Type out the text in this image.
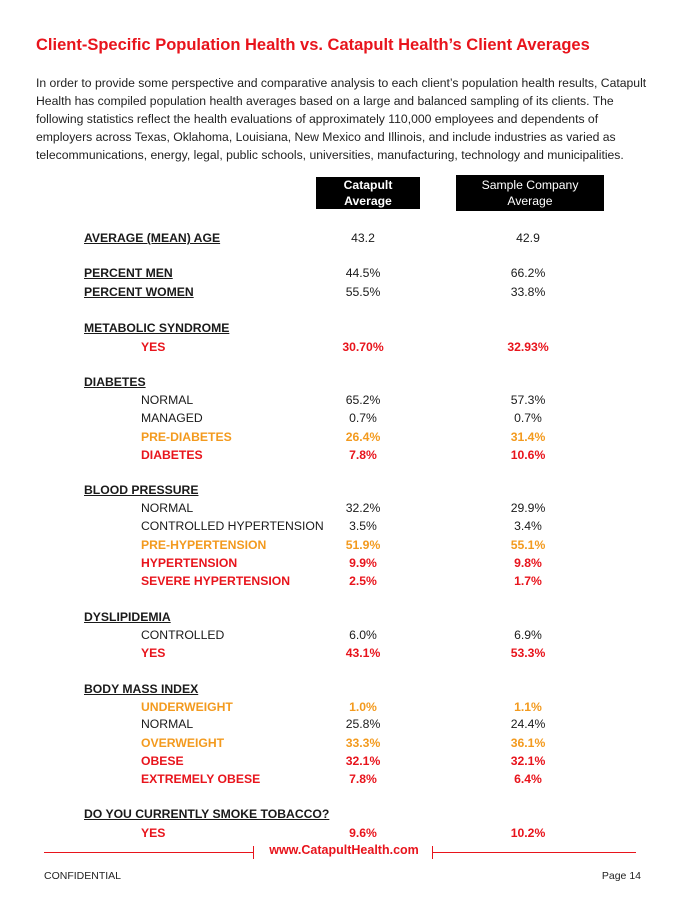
Client-Specific Population Health vs. Catapult Health’s Client Averages
In order to provide some perspective and comparative analysis to each client’s population health results, Catapult Health has compiled population health averages based on a large and balanced sampling of its clients. The following statistics reflect the health evaluations of approximately 110,000 employees and dependents of employers across Texas, Oklahoma, Louisiana, New Mexico and Illinois, and include industries as varied as telecommunications, energy, legal, public schools, universities, manufacturing, technology and municipalities.
Catapult Average
Sample Company Average
AVERAGE (MEAN) AGE	43.2	42.9
PERCENT MEN	44.5%	66.2%
PERCENT WOMEN	55.5%	33.8%
METABOLIC SYNDROME
YES	30.70%	32.93%
DIABETES
NORMAL	65.2%	57.3%
MANAGED	0.7%	0.7%
PRE-DIABETES	26.4%	31.4%
DIABETES	7.8%	10.6%
BLOOD PRESSURE
NORMAL	32.2%	29.9%
CONTROLLED HYPERTENSION	3.5%	3.4%
PRE-HYPERTENSION	51.9%	55.1%
HYPERTENSION	9.9%	9.8%
SEVERE HYPERTENSION	2.5%	1.7%
DYSLIPIDEMIA
CONTROLLED	6.0%	6.9%
YES	43.1%	53.3%
BODY MASS INDEX
UNDERWEIGHT	1.0%	1.1%
NORMAL	25.8%	24.4%
OVERWEIGHT	33.3%	36.1%
OBESE	32.1%	32.1%
EXTREMELY OBESE	7.8%	6.4%
DO YOU CURRENTLY SMOKE TOBACCO?
YES	9.6%	10.2%
www.CatapultHealth.com
CONFIDENTIAL	Page 14
